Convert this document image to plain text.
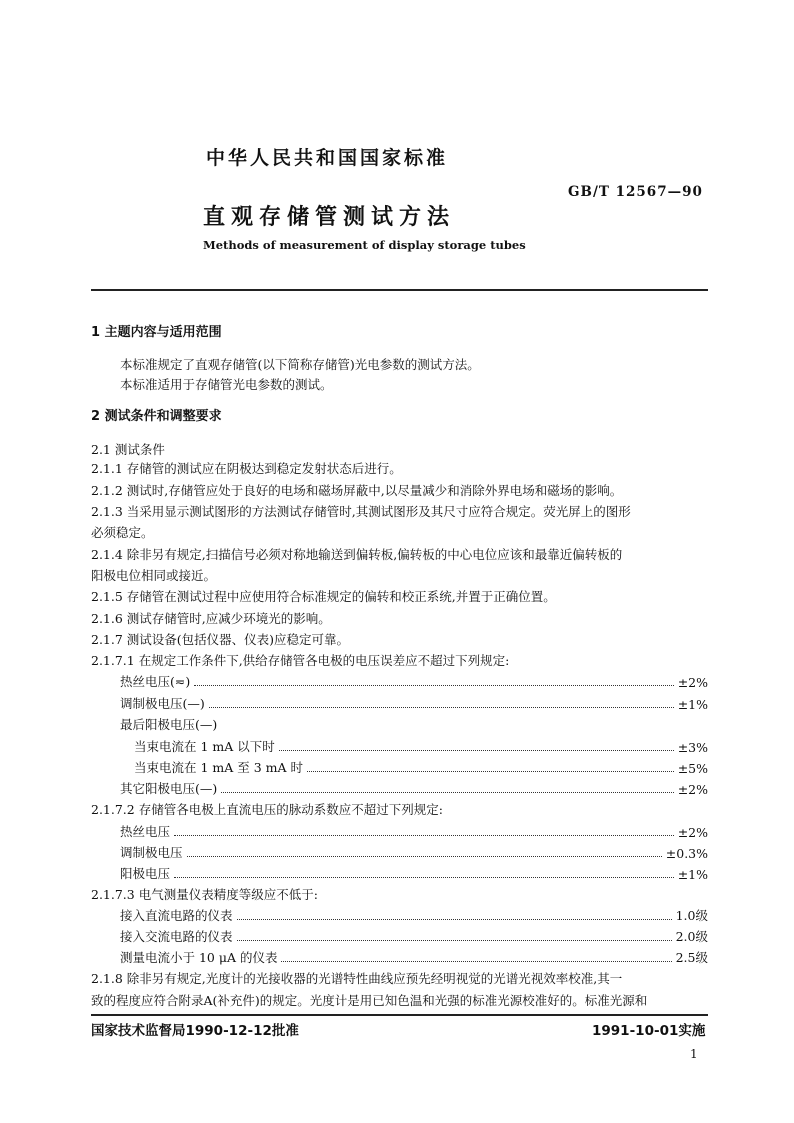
中华人民共和国国家标准
GB/T 12567—90
直观存储管测试方法
Methods of measurement of display storage tubes
1 主题内容与适用范围
本标准规定了直观存储管(以下简称存储管)光电参数的测试方法。
本标准适用于存储管光电参数的测试。
2 测试条件和调整要求
2.1 测试条件
2.1.1 存储管的测试应在阴极达到稳定发射状态后进行。
2.1.2 测试时,存储管应处于良好的电场和磁场屏蔽中,以尽量减少和消除外界电场和磁场的影响。
2.1.3 当采用显示测试图形的方法测试存储管时,其测试图形及其尺寸应符合规定。荧光屏上的图形
必须稳定。
2.1.4 除非另有规定,扫描信号必须对称地输送到偏转板,偏转板的中心电位应该和最靠近偏转板的
阳极电位相同或接近。
2.1.5 存储管在测试过程中应使用符合标准规定的偏转和校正系统,并置于正确位置。
2.1.6 测试存储管时,应减少环境光的影响。
2.1.7 测试设备(包括仪器、仪表)应稳定可靠。
2.1.7.1 在规定工作条件下,供给存储管各电极的电压误差应不超过下列规定:
热丝电压(≂)	±2%
调制极电压(—)	±1%
最后阳极电压(—)
当束电流在 1 mA 以下时	±3%
当束电流在 1 mA 至 3 mA 时	±5%
其它阳极电压(—)	±2%
2.1.7.2 存储管各电极上直流电压的脉动系数应不超过下列规定:
热丝电压	±2%
调制极电压	±0.3%
阳极电压	±1%
2.1.7.3 电气测量仪表精度等级应不低于:
接入直流电路的仪表	1.0级
接入交流电路的仪表	2.0级
测量电流小于 10 μA 的仪表	2.5级
2.1.8 除非另有规定,光度计的光接收器的光谱特性曲线应预先经明视觉的光谱光视效率校准,其一
致的程度应符合附录A(补充件)的规定。光度计是用已知色温和光强的标准光源校准好的。标准光源和
国家技术监督局1990-12-12批准	1991-10-01实施
1
